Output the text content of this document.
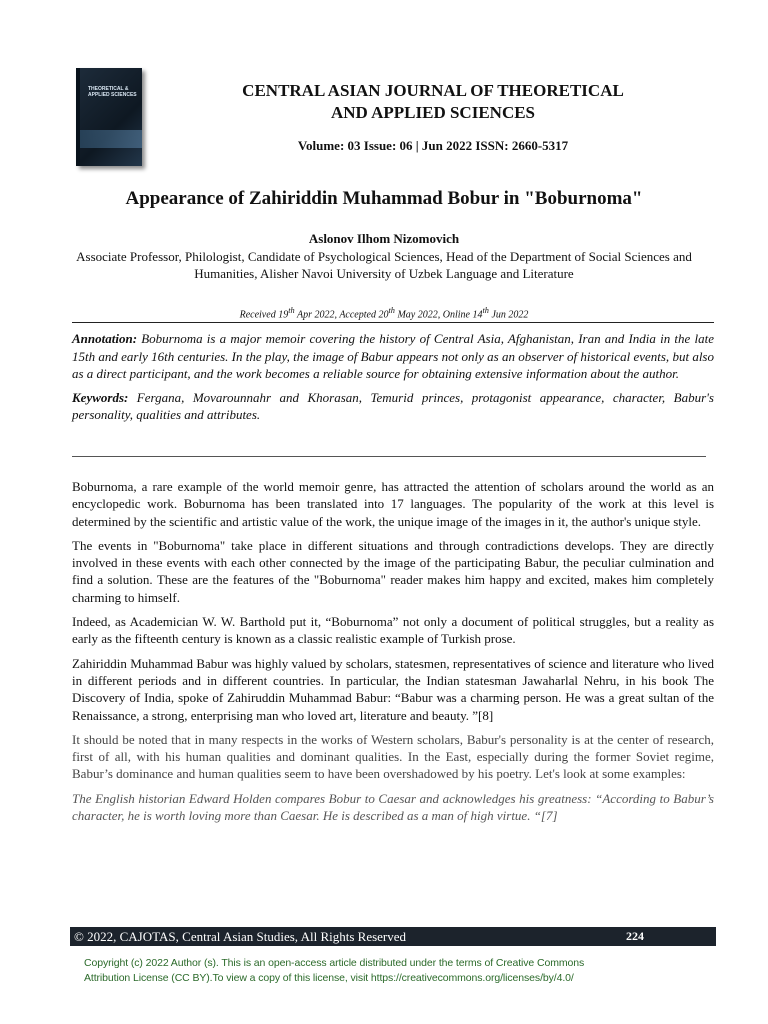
THEORETICAL & APPLIED SCIENCES	CENTRAL ASIAN JOURNAL OF THEORETICAL
AND APPLIED SCIENCES
Volume: 03 Issue: 06 | Jun 2022 ISSN: 2660-5317
Appearance of Zahiriddin Muhammad Bobur in "Boburnoma"
Aslonov Ilhom Nizomovich
Associate Professor, Philologist, Candidate of Psychological Sciences, Head of the Department of Social Sciences and Humanities, Alisher Navoi University of Uzbek Language and Literature
Received 19th Apr 2022, Accepted 20th May 2022, Online 14th Jun 2022

Annotation: Boburnoma is a major memoir covering the history of Central Asia, Afghanistan, Iran and India in the late 15th and early 16th centuries. In the play, the image of Babur appears not only as an observer of historical events, but also as a direct participant, and the work becomes a reliable source for obtaining extensive information about the author.

Keywords: Fergana, Movarounnahr and Khorasan, Temurid princes, protagonist appearance, character, Babur's personality, qualities and attributes.

Boburnoma, a rare example of the world memoir genre, has attracted the attention of scholars around the world as an encyclopedic work. Boburnoma has been translated into 17 languages. The popularity of the work at this level is determined by the scientific and artistic value of the work, the unique image of the images in it, the author's unique style.

The events in "Boburnoma" take place in different situations and through contradictions develops. They are directly involved in these events with each other connected by the image of the participating Babur, the peculiar culmination and find a solution. These are the features of the "Boburnoma" reader makes him happy and excited, makes him completely charming to himself.

Indeed, as Academician W. W. Barthold put it, “Boburnoma” not only a document of political struggles, but a reality as early as the fifteenth century is known as a classic realistic example of Turkish prose.

Zahiriddin Muhammad Babur was highly valued by scholars, statesmen, representatives of science and literature who lived in different periods and in different countries. In particular, the Indian statesman Jawaharlal Nehru, in his book The Discovery of India, spoke of Zahiruddin Muhammad Babur: “Babur was a charming person. He was a great sultan of the Renaissance, a strong, enterprising man who loved art, literature and beauty. ”[8]

It should be noted that in many respects in the works of Western scholars, Babur's personality is at the center of research, first of all, with his human qualities and dominant qualities. In the East, especially during the former Soviet regime, Babur’s dominance and human qualities seem to have been overshadowed by his poetry. Let's look at some examples:

The English historian Edward Holden compares Bobur to Caesar and acknowledges his greatness: “According to Babur’s character, he is worth loving more than Caesar. He is described as a man of high virtue. “[7]

© 2022, CAJOTAS, Central Asian Studies, All Rights Reserved	224
Copyright (c) 2022 Author (s). This is an open-access article distributed under the terms of Creative Commons
Attribution License (CC BY).To view a copy of this license, visit https://creativecommons.org/licenses/by/4.0/
